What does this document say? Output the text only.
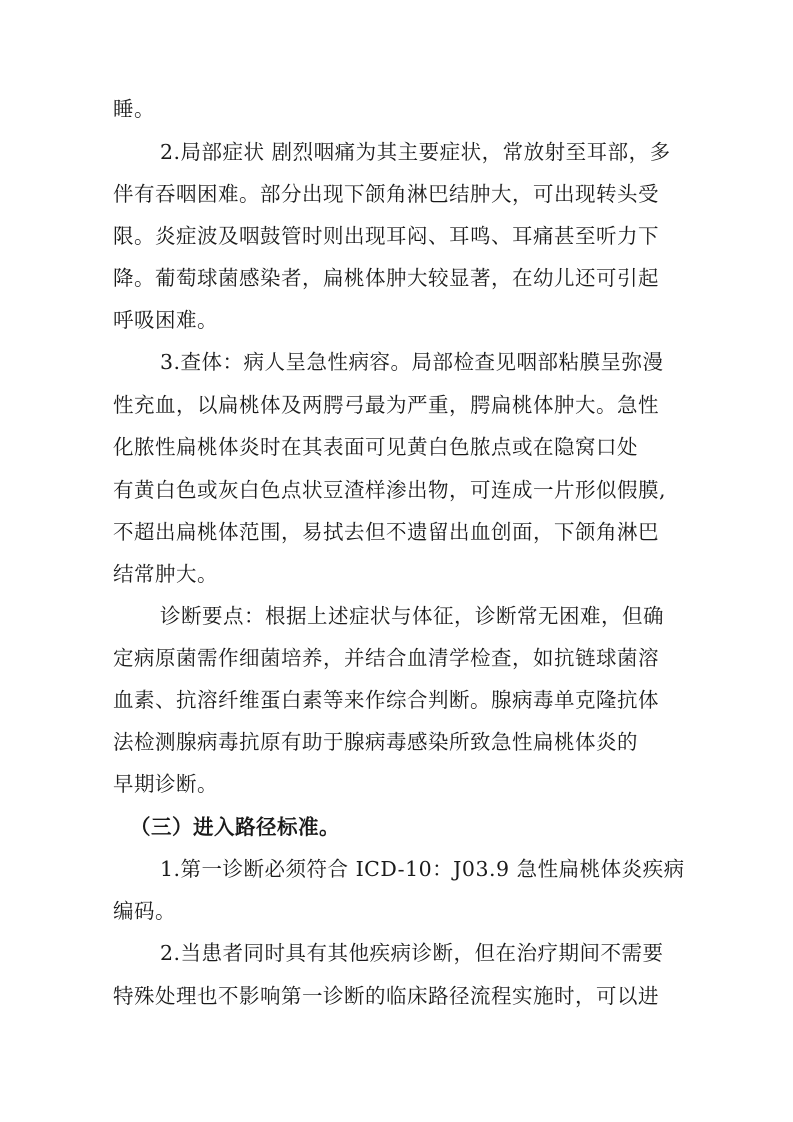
睡。
2.局部症状 剧烈咽痛为其主要症状，常放射至耳部，多
伴有吞咽困难。部分出现下颌角淋巴结肿大，可出现转头受
限。炎症波及咽鼓管时则出现耳闷、耳鸣、耳痛甚至听力下
降。葡萄球菌感染者，扁桃体肿大较显著，在幼儿还可引起
呼吸困难。
3.查体：病人呈急性病容。局部检查见咽部粘膜呈弥漫
性充血，以扁桃体及两腭弓最为严重，腭扁桃体肿大。急性
化脓性扁桃体炎时在其表面可见黄白色脓点或在隐窝口处
有黄白色或灰白色点状豆渣样渗出物，可连成一片形似假膜,
不超出扁桃体范围，易拭去但不遗留出血创面，下颌角淋巴
结常肿大。
诊断要点：根据上述症状与体征，诊断常无困难，但确
定病原菌需作细菌培养，并结合血清学检查，如抗链球菌溶
血素、抗溶纤维蛋白素等来作综合判断。腺病毒单克隆抗体
法检测腺病毒抗原有助于腺病毒感染所致急性扁桃体炎的
早期诊断。
（三）进入路径标准。
1.第一诊断必须符合 ICD-10：J03.9 急性扁桃体炎疾病
编码。
2.当患者同时具有其他疾病诊断，但在治疗期间不需要
特殊处理也不影响第一诊断的临床路径流程实施时，可以进
